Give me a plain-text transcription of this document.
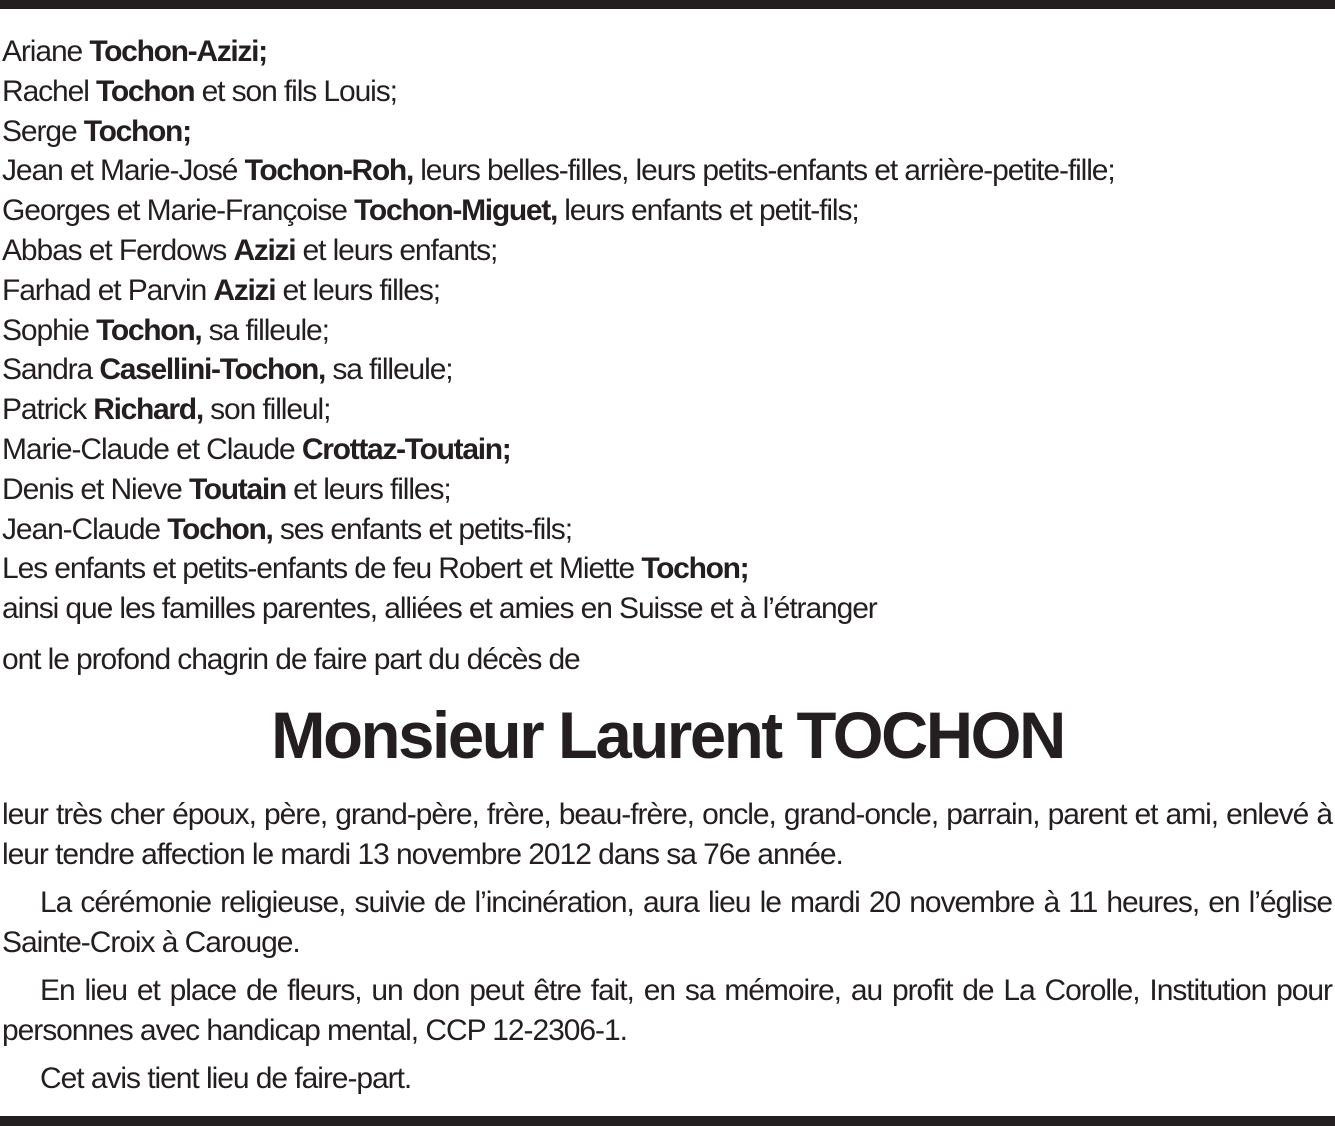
Ariane Tochon-Azizi;
Rachel Tochon et son fils Louis;
Serge Tochon;
Jean et Marie-José Tochon-Roh, leurs belles-filles, leurs petits-enfants et arrière-petite-fille;
Georges et Marie-Françoise Tochon-Miguet, leurs enfants et petit-fils;
Abbas et Ferdows Azizi et leurs enfants;
Farhad et Parvin Azizi et leurs filles;
Sophie Tochon, sa filleule;
Sandra Casellini-Tochon, sa filleule;
Patrick Richard, son filleul;
Marie-Claude et Claude Crottaz-Toutain;
Denis et Nieve Toutain et leurs filles;
Jean-Claude Tochon, ses enfants et petits-fils;
Les enfants et petits-enfants de feu Robert et Miette Tochon;
ainsi que les familles parentes, alliées et amies en Suisse et à l’étranger
ont le profond chagrin de faire part du décès de
Monsieur Laurent TOCHON

leur très cher époux, père, grand-père, frère, beau-frère, oncle, grand-oncle, parrain, parent et ami, enlevé à leur tendre affection le mardi 13 novembre 2012 dans sa 76e année.

La cérémonie religieuse, suivie de l’incinération, aura lieu le mardi 20 novembre à 11 heures, en l’église Sainte-Croix à Carouge.

En lieu et place de fleurs, un don peut être fait, en sa mémoire, au profit de La Corolle, Institution pour personnes avec handicap mental, CCP 12-2306-1.

Cet avis tient lieu de faire-part.
